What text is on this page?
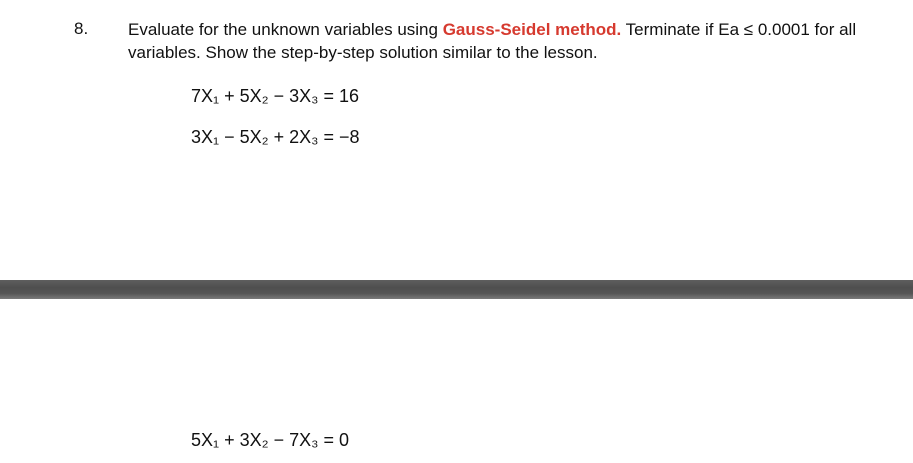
8. Evaluate for the unknown variables using Gauss-Seidel method. Terminate if Ea ≤ 0.0001 for all variables. Show the step-by-step solution similar to the lesson.
7X₁ + 5X₂ − 3X₃ = 16
3X₁ − 5X₂ + 2X₃ = −8
5X₁ + 3X₂ − 7X₃ = 0
